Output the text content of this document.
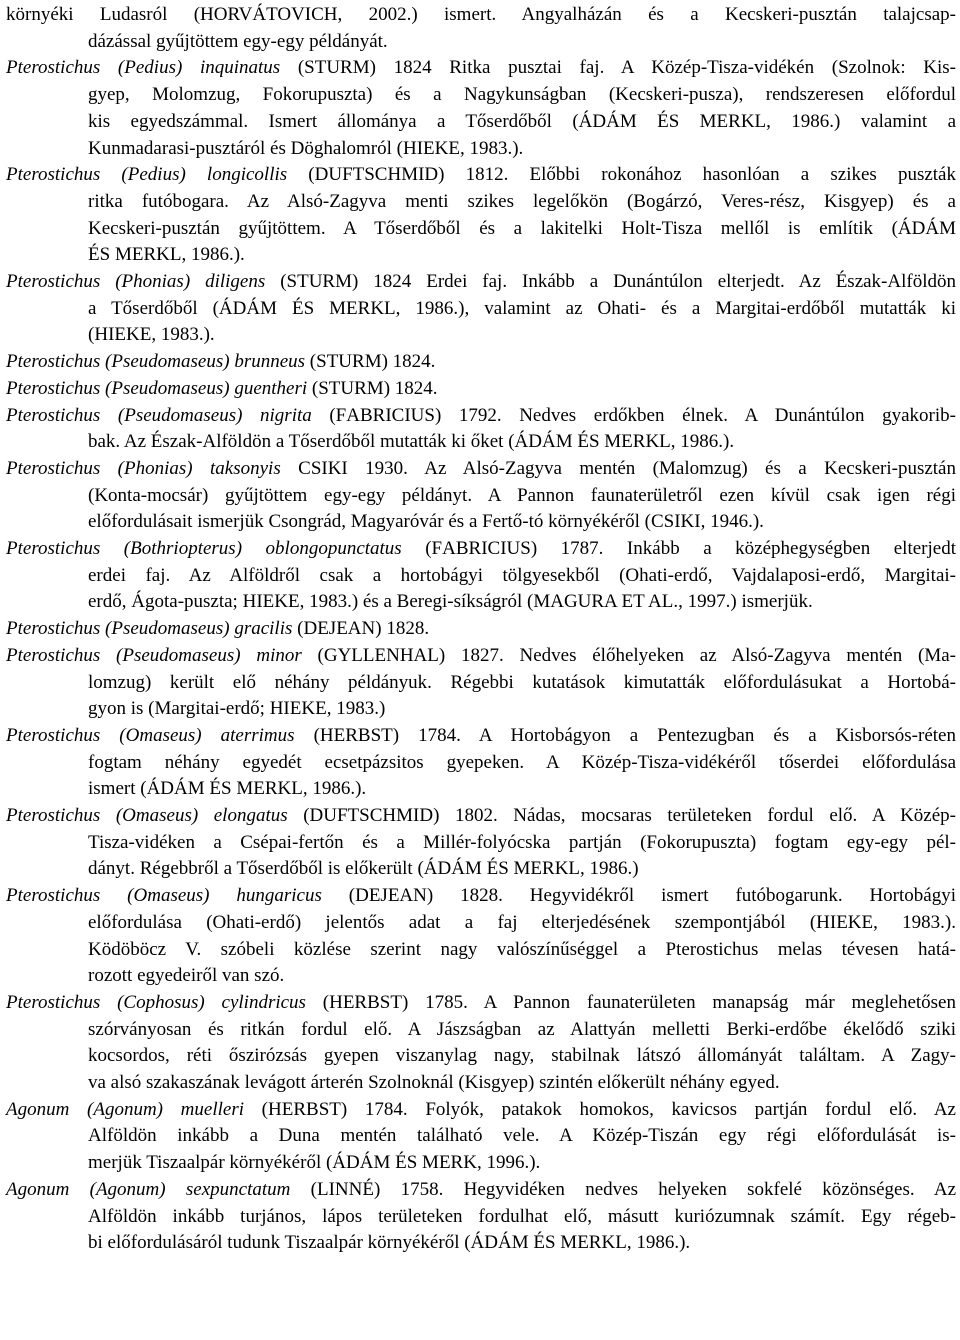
környéki Ludasról (HORVÁTOVICH, 2002.) ismert. Angyalházán és a Kecskeri-pusztán talajcsap-
dázással gyűjtöttem egy-egy példányát.
Pterostichus (Pedius) inquinatus (STURM) 1824 Ritka pusztai faj. A Közép-Tisza-vidékén (Szolnok: Kis-
gyep, Molomzug, Fokorupuszta) és a Nagykunságban (Kecskeri-pusza), rendszeresen előfordul
kis egyedszámmal. Ismert állománya a Tőserdőből (ÁDÁM ÉS MERKL, 1986.) valamint a
Kunmadarasi-pusztáról és Döghalomról (HIEKE, 1983.).
Pterostichus (Pedius) longicollis (DUFTSCHMID) 1812. Előbbi rokonához hasonlóan a szikes puszták
ritka futóbogara. Az Alsó-Zagyva menti szikes legelőkön (Bogárzó, Veres-rész, Kisgyep) és a
Kecskeri-pusztán gyűjtöttem. A Tőserdőből és a lakitelki Holt-Tisza mellől is említik (ÁDÁM
ÉS MERKL, 1986.).
Pterostichus (Phonias) diligens (STURM) 1824 Erdei faj. Inkább a Dunántúlon elterjedt. Az Észak-Alföldön
a Tőserdőből (ÁDÁM ÉS MERKL, 1986.), valamint az Ohati- és a Margitai-erdőből mutatták ki
(HIEKE, 1983.).
Pterostichus (Pseudomaseus) brunneus (STURM) 1824.
Pterostichus (Pseudomaseus) guentheri (STURM) 1824.
Pterostichus (Pseudomaseus) nigrita (FABRICIUS) 1792. Nedves erdőkben élnek. A Dunántúlon gyakorib-
bak. Az Észak-Alföldön a Tőserdőből mutatták ki őket (ÁDÁM ÉS MERKL, 1986.).
Pterostichus (Phonias) taksonyis CSIKI 1930. Az Alsó-Zagyva mentén (Malomzug) és a Kecskeri-pusztán
(Konta-mocsár) gyűjtöttem egy-egy példányt. A Pannon faunaterületről ezen kívül csak igen régi
előfordulásait ismerjük Csongrád, Magyaróvár és a Fertő-tó környékéről (CSIKI, 1946.).
Pterostichus (Bothriopterus) oblongopunctatus (FABRICIUS) 1787. Inkább a középhegységben elterjedt
erdei faj. Az Alföldről csak a hortobágyi tölgyesekből (Ohati-erdő, Vajdalaposi-erdő, Margitai-
erdő, Ágota-puszta; HIEKE, 1983.) és a Beregi-síkságról (MAGURA ET AL., 1997.) ismerjük.
Pterostichus (Pseudomaseus) gracilis (DEJEAN) 1828.
Pterostichus (Pseudomaseus) minor (GYLLENHAL) 1827. Nedves élőhelyeken az Alsó-Zagyva mentén (Ma-
lomzug) került elő néhány példányuk. Régebbi kutatások kimutatták előfordulásukat a Hortobá-
gyon is (Margitai-erdő; HIEKE, 1983.)
Pterostichus (Omaseus) aterrimus (HERBST) 1784. A Hortobágyon a Pentezugban és a Kisborsós-réten
fogtam néhány egyedét ecsetpázsitos gyepeken. A Közép-Tisza-vidékéről tőserdei előfordulása
ismert (ÁDÁM ÉS MERKL, 1986.).
Pterostichus (Omaseus) elongatus (DUFTSCHMID) 1802. Nádas, mocsaras területeken fordul elő. A Közép-
Tisza-vidéken a Csépai-fertőn és a Millér-folyócska partján (Fokorupuszta) fogtam egy-egy pél-
dányt. Régebbről a Tőserdőből is előkerült (ÁDÁM ÉS MERKL, 1986.)
Pterostichus (Omaseus) hungaricus (DEJEAN) 1828. Hegyvidékről ismert futóbogarunk. Hortobágyi
előfordulása (Ohati-erdő) jelentős adat a faj elterjedésének szempontjából (HIEKE, 1983.).
Ködöböcz V. szóbeli közlése szerint nagy valószínűséggel a Pterostichus melas tévesen hatá-
rozott egyedeiről van szó.
Pterostichus (Cophosus) cylindricus (HERBST) 1785. A Pannon faunaterületen manapság már meglehetősen
szórványosan és ritkán fordul elő. A Jászságban az Alattyán melletti Berki-erdőbe ékelődő sziki
kocsordos, réti őszirózsás gyepen viszanylag nagy, stabilnak látszó állományát találtam. A Zagy-
va alsó szakaszának levágott árterén Szolnoknál (Kisgyep) szintén előkerült néhány egyed.
Agonum (Agonum) muelleri (HERBST) 1784. Folyók, patakok homokos, kavicsos partján fordul elő. Az
Alföldön inkább a Duna mentén található vele. A Közép-Tiszán egy régi előfordulását is-
merjük Tiszaalpár környékéről (ÁDÁM ÉS MERK, 1996.).
Agonum (Agonum) sexpunctatum (LINNÉ) 1758. Hegyvidéken nedves helyeken sokfelé közönséges. Az
Alföldön inkább turjános, lápos területeken fordulhat elő, másutt kuriózumnak számít. Egy régeb-
bi előfordulásáról tudunk Tiszaalpár környékéről (ÁDÁM ÉS MERKL, 1986.).
